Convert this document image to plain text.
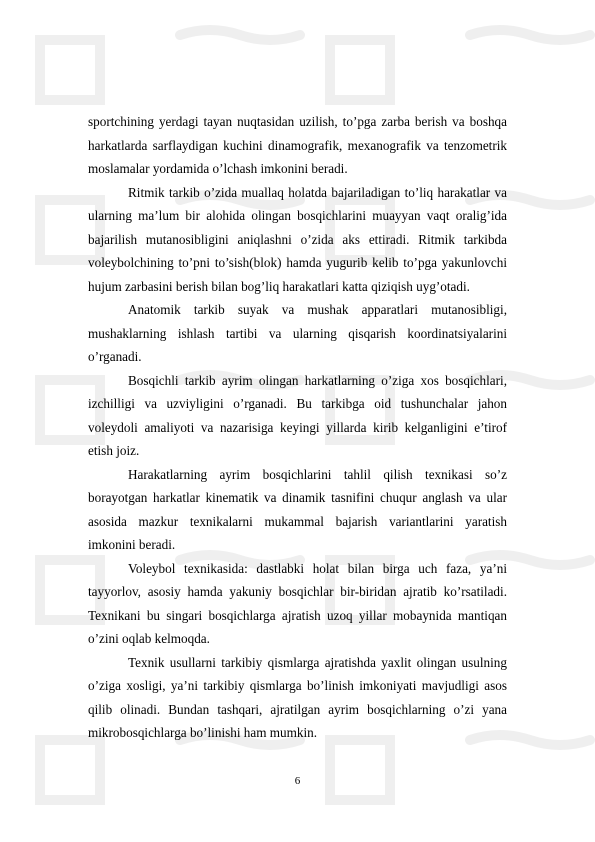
sportchining yerdagi tayan nuqtasidan uzilish, to’pga zarba berish va boshqa harkatlarda sarflaydigan kuchini dinamografik, mexanografik va tenzometrik moslamalar yordamida o’lchash imkonini beradi.

Ritmik tarkib o’zida muallaq holatda bajariladigan to’liq harakatlar va ularning ma’lum bir alohida olingan bosqichlarini muayyan vaqt oralig’ida bajarilish mutanosibligini aniqlashni o’zida aks ettiradi. Ritmik tarkibda voleybolchining to’pni to’sish(blok) hamda yugurib kelib to’pga yakunlovchi hujum zarbasini berish bilan bog’liq harakatlari katta qiziqish uyg’otadi.

Anatomik tarkib suyak va mushak apparatlari mutanosibligi, mushaklarning ishlash tartibi va ularning qisqarish koordinatsiyalarini o’rganadi.

Bosqichli tarkib ayrim olingan harkatlarning o’ziga xos bosqichlari, izchilligi va uzviyligini o’rganadi. Bu tarkibga oid tushunchalar jahon voleydoli amaliyoti va nazarisiga keyingi yillarda kirib kelganligini e’tirof etish joiz.

Harakatlarning ayrim bosqichlarini tahlil qilish texnikasi so’z borayotgan harkatlar kinematik va dinamik tasnifini chuqur anglash va ular asosida mazkur texnikalarni mukammal bajarish variantlarini yaratish imkonini beradi.

Voleybol texnikasida: dastlabki holat bilan birga uch faza, ya’ni tayyorlov, asosiy hamda yakuniy bosqichlar bir-biridan ajratib ko’rsatiladi. Texnikani bu singari bosqichlarga ajratish uzoq yillar mobaynida mantiqan o’zini oqlab kelmoqda.

Texnik usullarni tarkibiy qismlarga ajratishda yaxlit olingan usulning o’ziga xosligi, ya’ni tarkibiy qismlarga bo’linish imkoniyati mavjudligi asos qilib olinadi. Bundan tashqari, ajratilgan ayrim bosqichlarning o’zi yana mikrobosqichlarga bo’linishi ham mumkin.

6
